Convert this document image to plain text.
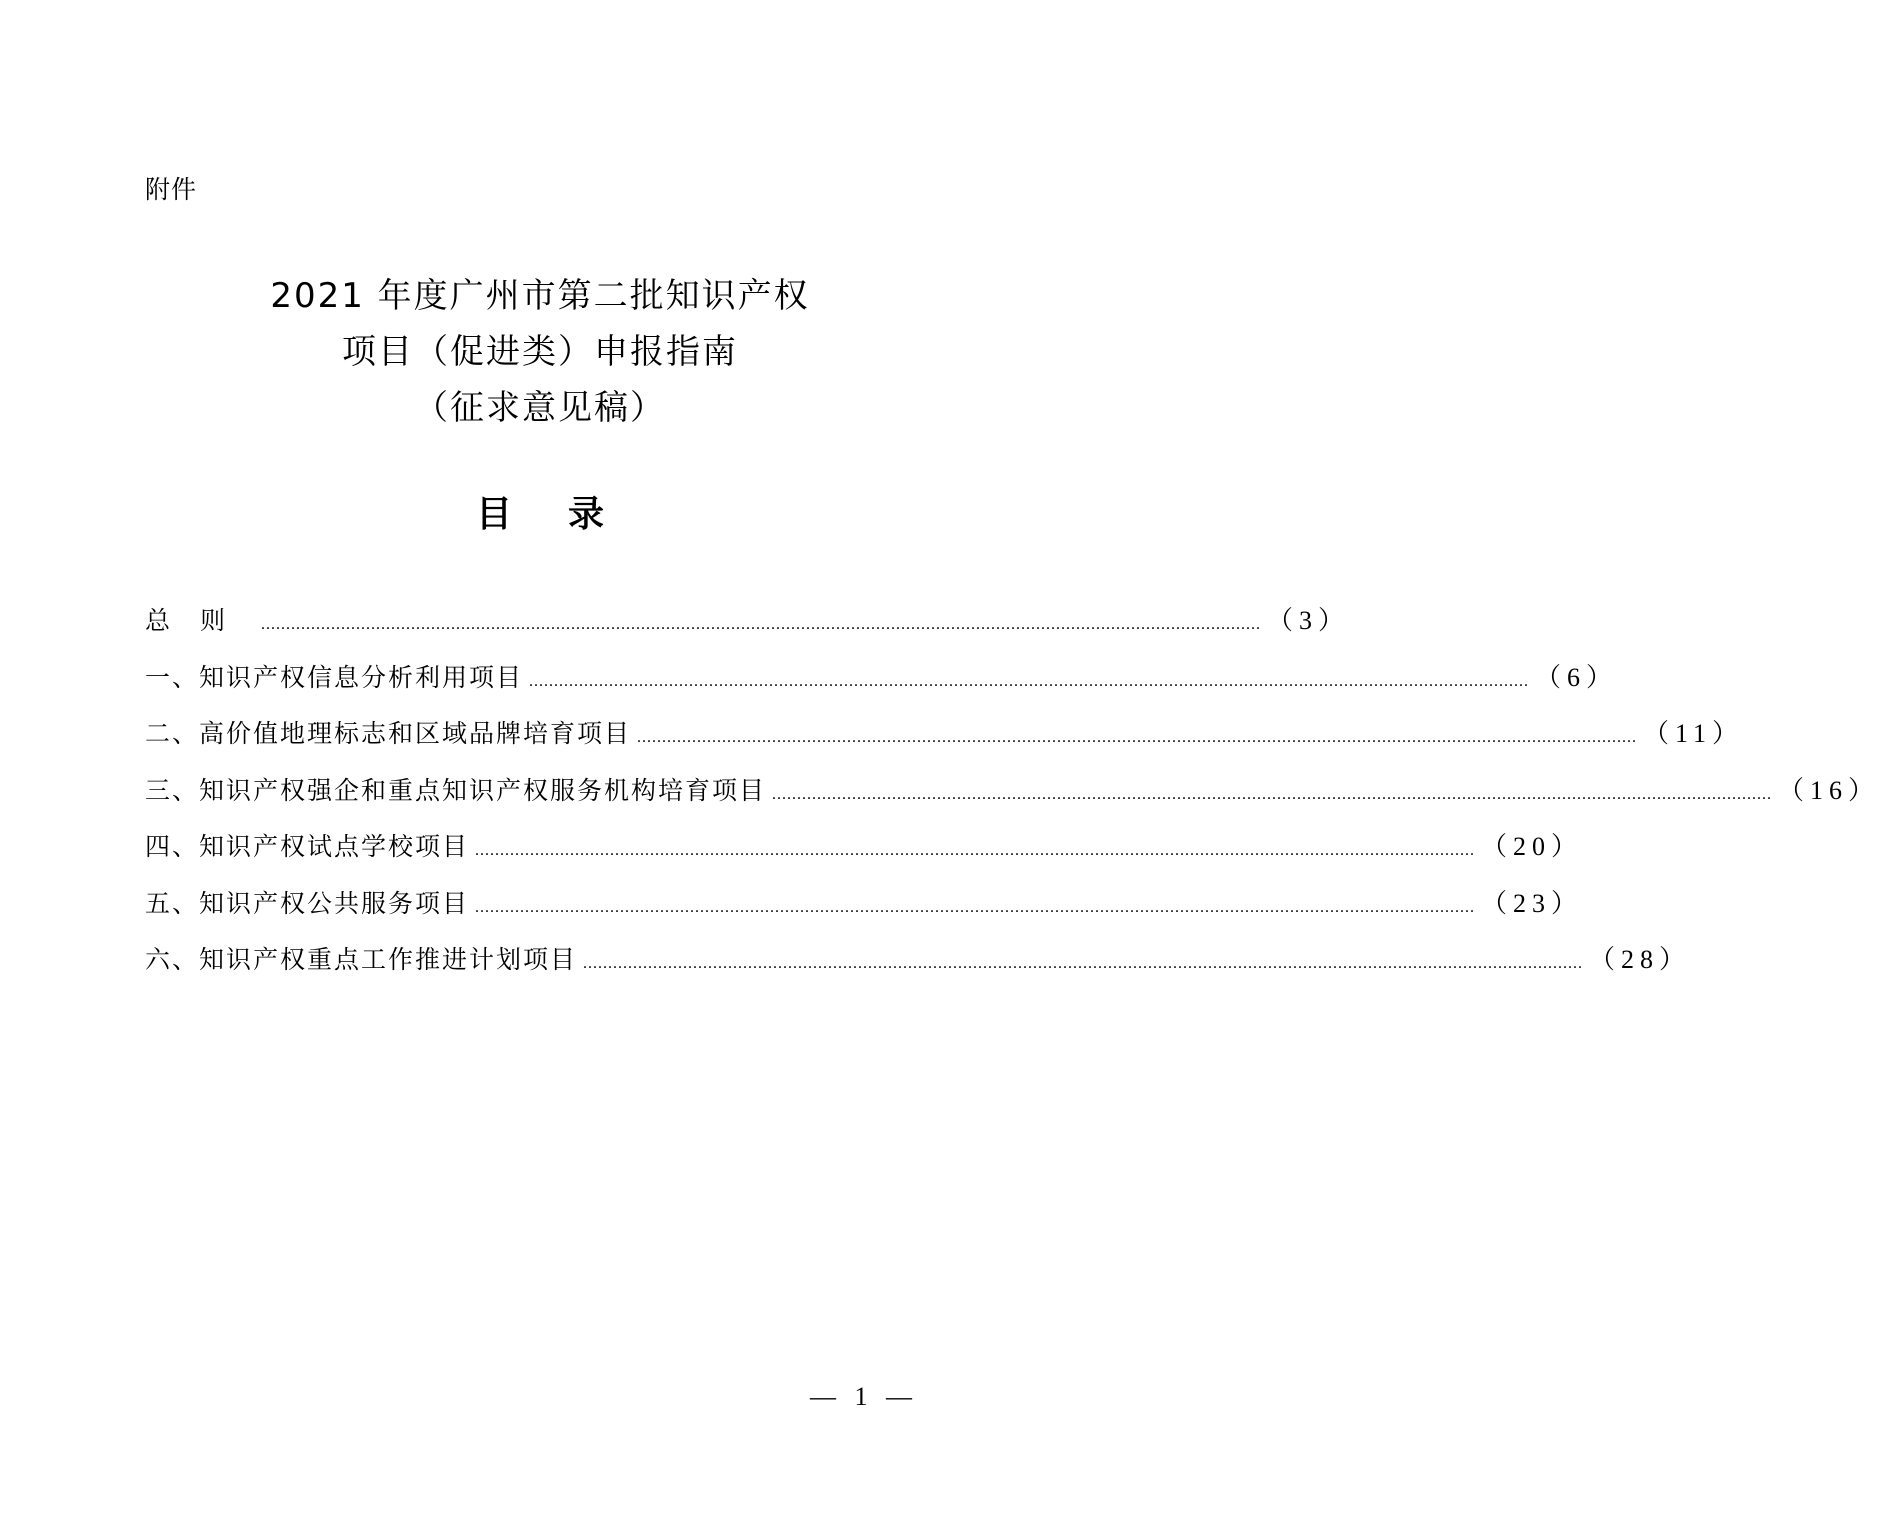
附件
2021 年度广州市第二批知识产权
项目（促进类）申报指南
（征求意见稿）
目录
总则 ........................................................................................................................................................................................................ （3）
一、知识产权信息分析利用项目 ........................................................................................................................................................................................................ （6）
二、高价值地理标志和区域品牌培育项目 ........................................................................................................................................................................................................ （11）
三、知识产权强企和重点知识产权服务机构培育项目 ........................................................................................................................................................................................................ （16）
四、知识产权试点学校项目 ........................................................................................................................................................................................................ （20）
五、知识产权公共服务项目 ........................................................................................................................................................................................................ （23）
六、知识产权重点工作推进计划项目 ........................................................................................................................................................................................................ （28）
— 1 —
